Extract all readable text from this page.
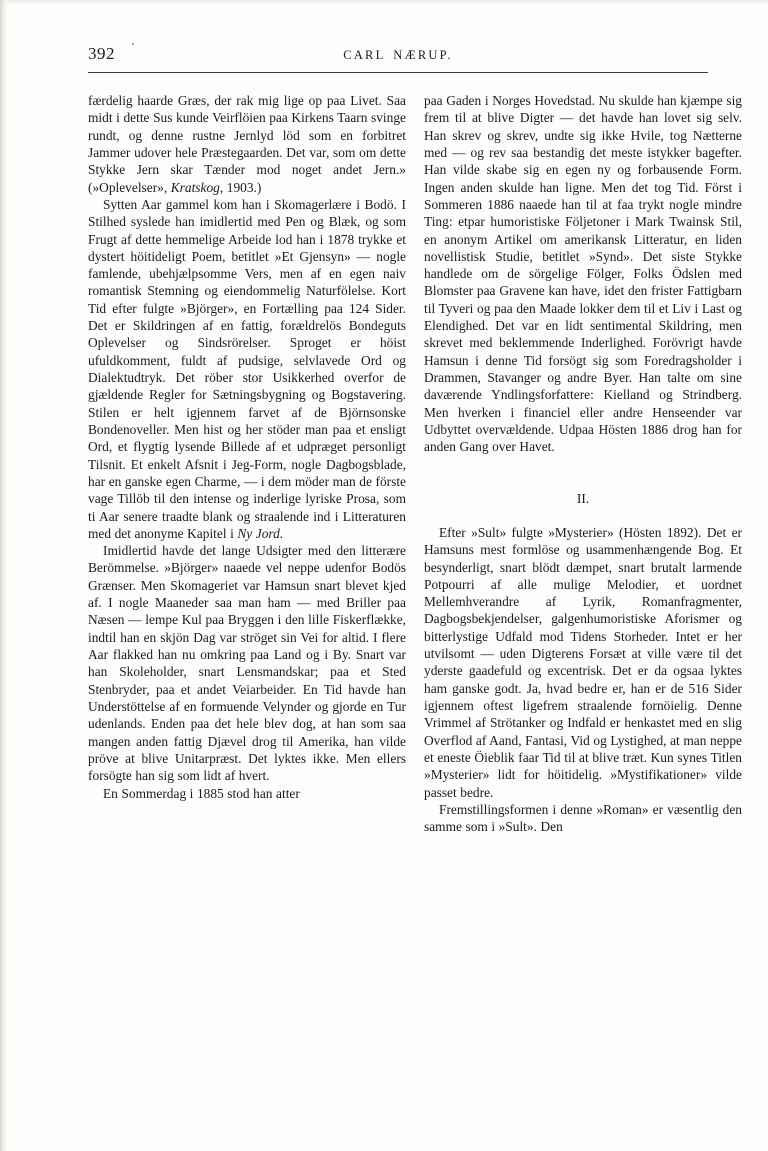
392	CARL NÆRUP.

færdelig haarde Græs, der rak mig lige op paa Livet. Saa midt i dette Sus kunde Veirflöien paa Kirkens Taarn svinge rundt, og denne rustne Jernlyd löd som en forbitret Jammer udover hele Præstegaarden. Det var, som om dette Stykke Jern skar Tænder mod noget andet Jern.» (»Oplevelser», Kratskog, 1903.)

Sytten Aar gammel kom han i Skomagerlære i Bodö. I Stilhed syslede han imidlertid med Pen og Blæk, og som Frugt af dette hemmelige Arbeide lod han i 1878 trykke et dystert höitideligt Poem, betitlet »Et Gjensyn» — nogle famlende, ubehjælpsomme Vers, men af en egen naiv romantisk Stemning og eiendommelig Naturfölelse. Kort Tid efter fulgte »Björger», en Fortælling paa 124 Sider. Det er Skildringen af en fattig, forældrelös Bondeguts Oplevelser og Sindsrörelser. Sproget er höist ufuldkomment, fuldt af pudsige, selvlavede Ord og Dialektudtryk. Det röber stor Usikkerhed overfor de gjældende Regler for Sætningsbygning og Bogstavering. Stilen er helt igjennem farvet af de Björnsonske Bondenoveller. Men hist og her stöder man paa et ensligt Ord, et flygtig lysende Billede af et udpræget personligt Tilsnit. Et enkelt Afsnit i Jeg-Form, nogle Dagbogsblade, har en ganske egen Charme, — i dem möder man de förste vage Tillöb til den intense og inderlige lyriske Prosa, som ti Aar senere traadte blank og straalende ind i Litteraturen med det anonyme Kapitel i Ny Jord.

Imidlertid havde det lange Udsigter med den litterære Berömmelse. »Björger» naaede vel neppe udenfor Bodös Grænser. Men Skomageriet var Hamsun snart blevet kjed af. I nogle Maaneder saa man ham — med Briller paa Næsen — lempe Kul paa Bryggen i den lille Fiskerflække, indtil han en skjön Dag var ströget sin Vei for altid. I flere Aar flakked han nu omkring paa Land og i By. Snart var han Skoleholder, snart Lensmandskar; paa et Sted Stenbryder, paa et andet Veiarbeider. En Tid havde han Understöttelse af en formuende Velynder og gjorde en Tur udenlands. Enden paa det hele blev dog, at han som saa mangen anden fattig Djævel drog til Amerika, han vilde pröve at blive Unitarpræst. Det lyktes ikke. Men ellers forsögte han sig som lidt af hvert.

En Sommerdag i 1885 stod han atter

paa Gaden i Norges Hovedstad. Nu skulde han kjæmpe sig frem til at blive Digter — det havde han lovet sig selv. Han skrev og skrev, undte sig ikke Hvile, tog Nætterne med — og rev saa bestandig det meste istykker bagefter. Han vilde skabe sig en egen ny og forbausende Form. Ingen anden skulde han ligne. Men det tog Tid. Först i Sommeren 1886 naaede han til at faa trykt nogle mindre Ting: etpar humoristiske Följetoner i Mark Twainsk Stil, en anonym Artikel om amerikansk Litteratur, en liden novellistisk Studie, betitlet »Synd». Det siste Stykke handlede om de sörgelige Fölger, Folks Ödslen med Blomster paa Gravene kan have, idet den frister Fattigbarn til Tyveri og paa den Maade lokker dem til et Liv i Last og Elendighed. Det var en lidt sentimental Skildring, men skrevet med beklemmende Inderlighed. Forövrigt havde Hamsun i denne Tid forsögt sig som Foredragsholder i Drammen, Stavanger og andre Byer. Han talte om sine daværende Yndlingsforfattere: Kielland og Strindberg. Men hverken i financiel eller andre Henseender var Udbyttet overvældende. Udpaa Hösten 1886 drog han for anden Gang over Havet.

II.

Efter »Sult» fulgte »Mysterier» (Hösten 1892). Det er Hamsuns mest formlöse og usammenhængende Bog. Et besynderligt, snart blödt dæmpet, snart brutalt larmende Potpourri af alle mulige Melodier, et uordnet Mellemhverandre af Lyrik, Romanfragmenter, Dagbogsbekjendelser, galgenhumoristiske Aforismer og bitterlystige Udfald mod Tidens Storheder. Intet er her utvilsomt — uden Digterens Forsæt at ville være til det yderste gaadefuld og excentrisk. Det er da ogsaa lyktes ham ganske godt. Ja, hvad bedre er, han er de 516 Sider igjennem oftest ligefrem straalende fornöielig. Denne Vrimmel af Strötanker og Indfald er henkastet med en slig Overflod af Aand, Fantasi, Vid og Lystighed, at man neppe et eneste Öieblik faar Tid til at blive træt. Kun synes Titlen »Mysterier» lidt for höitidelig. »Mystifikationer» vilde passet bedre.

Fremstillingsformen i denne »Roman» er væsentlig den samme som i »Sult». Den
